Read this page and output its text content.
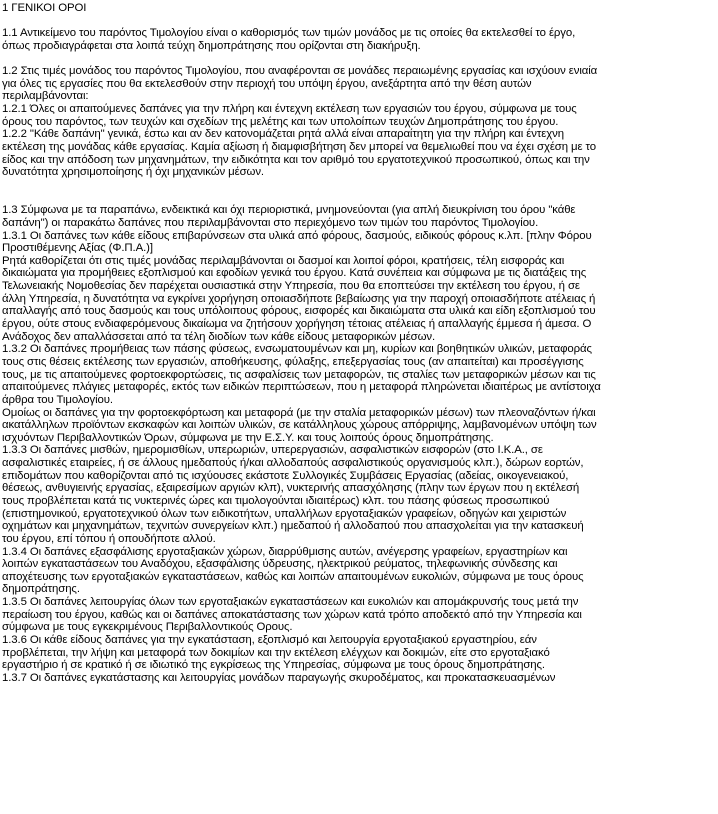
1 ΓΕΝΙΚΟΙ ΟΡΟΙ
1.1 Αντικείμενο του παρόντος Τιμολογίου είναι ο καθορισμός των τιμών μονάδος με τις οποίες θα εκτελεσθεί το έργο,
όπως προδιαγράφεται στα λοιπά τεύχη δημοπράτησης που ορίζονται στη διακήρυξη.
1.2 Στις τιμές μονάδος του παρόντος Τιμολογίου, που αναφέρονται σε μονάδες περαιωμένης εργασίας και ισχύουν ενιαία
για όλες τις εργασίες που θα εκτελεσθούν στην περιοχή του υπόψη έργου, ανεξάρτητα από την θέση αυτών
περιλαμβάνονται:
1.2.1 Όλες οι απαιτούμενες δαπάνες για την πλήρη και έντεχνη εκτέλεση των εργασιών του έργου, σύμφωνα με τους
όρους του παρόντος, των τευχών και σχεδίων της μελέτης και των υπολοίπων τευχών Δημοπράτησης του έργου.
1.2.2 "Κάθε δαπάνη" γενικά, έστω και αν δεν κατονομάζεται ρητά αλλά είναι απαραίτητη για την πλήρη και έντεχνη
εκτέλεση της μονάδας κάθε εργασίας. Καμία αξίωση ή διαμφισβήτηση δεν μπορεί να θεμελιωθεί που να έχει σχέση με το
είδος και την απόδοση των μηχανημάτων, την ειδικότητα και τον αριθμό του εργατοτεχνικού προσωπικού, όπως και την
δυνατότητα χρησιμοποίησης ή όχι μηχανικών μέσων.
1.3 Σύμφωνα με τα παραπάνω, ενδεικτικά και όχι περιοριστικά, μνημονεύονται (για απλή διευκρίνιση του όρου "κάθε
δαπάνη") οι παρακάτω δαπάνες που περιλαμβάνονται στο περιεχόμενο των τιμών του παρόντος Τιμολογίου.
1.3.1 Οι δαπάνες των κάθε είδους επιβαρύνσεων στα υλικά από φόρους, δασμούς, ειδικούς φόρους κ.λπ. [πλην Φόρου
Προστιθέμενης Αξίας (Φ.Π.Α.)]
Ρητά καθορίζεται ότι στις τιμές μονάδας περιλαμβάνονται οι δασμοί και λοιποί φόροι, κρατήσεις, τέλη εισφοράς και
δικαιώματα για προμήθειες εξοπλισμού και εφοδίων γενικά του έργου. Κατά συνέπεια και σύμφωνα με τις διατάξεις της
Τελωνειακής Νομοθεσίας δεν παρέχεται ουσιαστικά στην Υπηρεσία, που θα εποπτεύσει την εκτέλεση του έργου, ή σε
άλλη Υπηρεσία, η δυνατότητα να εγκρίνει χορήγηση οποιασδήποτε βεβαίωσης για την παροχή οποιασδήποτε ατέλειας ή
απαλλαγής από τους δασμούς και τους υπόλοιπους φόρους, εισφορές και δικαιώματα στα υλικά και είδη εξοπλισμού του
έργου, ούτε στους ενδιαφερόμενους δικαίωμα να ζητήσουν χορήγηση τέτοιας ατέλειας ή απαλλαγής έμμεσα ή άμεσα. Ο
Ανάδοχος δεν απαλλάσσεται από τα τέλη διοδίων των κάθε είδους μεταφορικών μέσων.
1.3.2 Οι δαπάνες προμήθειας των πάσης φύσεως, ενσωματουμένων και μη, κυρίων και βοηθητικών υλικών, μεταφοράς
τους στις θέσεις εκτέλεσης των εργασιών, αποθήκευσης, φύλαξης, επεξεργασίας τους (αν απαιτείται) και προσέγγισης
τους, με τις απαιτούμενες φορτοεκφορτώσεις, τις ασφαλίσεις των μεταφορών, τις σταλίες των μεταφορικών μέσων και τις
απαιτούμενες πλάγιες μεταφορές, εκτός των ειδικών περιπτώσεων, που η μεταφορά πληρώνεται ιδιαιτέρως με αντίστοιχα
άρθρα του Τιμολογίου.
Ομοίως οι δαπάνες για την φορτοεκφόρτωση και μεταφορά (με την σταλία μεταφορικών μέσων) των πλεοναζόντων ή/και
ακατάλληλων προϊόντων εκσκαφών και λοιπών υλικών, σε κατάλληλους χώρους απόρριψης, λαμβανομένων υπόψη των
ισχυόντων Περιβαλλοντικών Όρων, σύμφωνα με την Ε.Σ.Υ. και τους λοιπούς όρους δημοπράτησης.
1.3.3 Οι δαπάνες μισθών, ημερομισθίων, υπερωριών, υπερεργασιών, ασφαλιστικών εισφορών (στο Ι.Κ.Α., σε
ασφαλιστικές εταιρείες, ή σε άλλους ημεδαπούς ή/και αλλοδαπούς ασφαλιστικούς οργανισμούς κλπ.), δώρων εορτών,
επιδομάτων που καθορίζονται από τις ισχύουσες εκάστοτε Συλλογικές Συμβάσεις Εργασίας (αδείας, οικογενειακού,
θέσεως, ανθυγιεινής εργασίας, εξαιρεσίμων αργιών κλπ), νυκτερινής απασχόλησης (πλην των έργων που η εκτέλεσή
τους προβλέπεται κατά τις νυκτερινές ώρες και τιμολογούνται ιδιαιτέρως) κλπ. του πάσης φύσεως προσωπικού
(επιστημονικού, εργατοτεχνικού όλων των ειδικοτήτων, υπαλλήλων εργοταξιακών γραφείων, οδηγών και χειριστών
οχημάτων και μηχανημάτων, τεχνιτών συνεργείων κλπ.) ημεδαπού ή αλλοδαπού που απασχολείται για την κατασκευή
του έργου, επί τόπου ή οπουδήποτε αλλού.
1.3.4 Οι δαπάνες εξασφάλισης εργοταξιακών χώρων, διαρρύθμισης αυτών, ανέγερσης γραφείων, εργαστηρίων και
λοιπών εγκαταστάσεων του Αναδόχου, εξασφάλισης ύδρευσης, ηλεκτρικού ρεύματος, τηλεφωνικής σύνδεσης και
αποχέτευσης των εργοταξιακών εγκαταστάσεων, καθώς και λοιπών απαιτουμένων ευκολιών, σύμφωνα με τους όρους
δημοπράτησης.
1.3.5 Οι δαπάνες λειτουργίας όλων των εργοταξιακών εγκαταστάσεων και ευκολιών και απομάκρυνσής τους μετά την
περαίωση του έργου, καθώς και οι δαπάνες αποκατάστασης των χώρων κατά τρόπο αποδεκτό από την Υπηρεσία και
σύμφωνα με τους εγκεκριμένους Περιβαλλοντικούς Ορους.
1.3.6 Οι κάθε είδους δαπάνες για την εγκατάσταση, εξοπλισμό και λειτουργία εργοταξιακού εργαστηρίου, εάν
προβλέπεται, την λήψη και μεταφορά των δοκιμίων και την εκτέλεση ελέγχων και δοκιμών, είτε στο εργοταξιακό
εργαστήριο ή σε κρατικό ή σε ιδιωτικό της εγκρίσεως της Υπηρεσίας, σύμφωνα με τους όρους δημοπράτησης.
1.3.7 Οι δαπάνες εγκατάστασης και λειτουργίας μονάδων παραγωγής σκυροδέματος, και προκατασκευασμένων
